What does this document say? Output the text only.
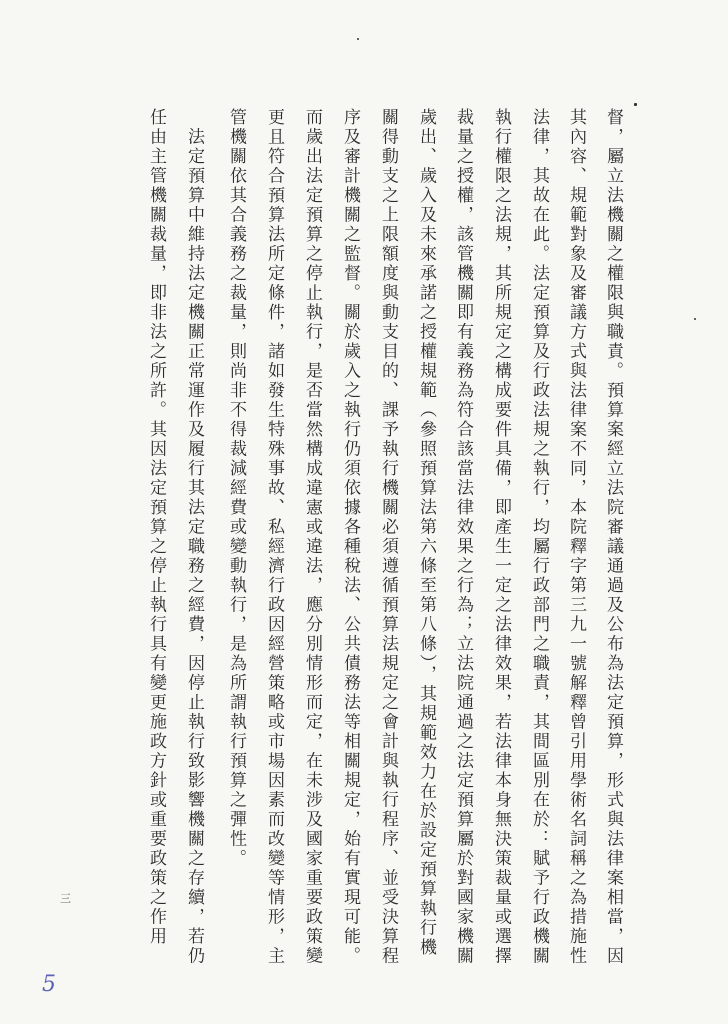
督，屬立法機關之權限與職責。預算案經立法院審議通過及公布為法定預算，形式與法律案相當，因
其內容、規範對象及審議方式與法律案不同，本院釋字第三九一號解釋曾引用學術名詞稱之為措施性
法律，其故在此。法定預算及行政法規之執行，均屬行政部門之職責，其間區別在於：賦予行政機關
執行權限之法規，其所規定之構成要件具備，即產生一定之法律效果，若法律本身無決策裁量或選擇
裁量之授權，該管機關即有義務為符合該當法律效果之行為；立法院通過之法定預算屬於對國家機關
歲出、歲入及未來承諾之授權規範（參照預算法第六條至第八條），其規範效力在於設定預算執行機
關得動支之上限額度與動支目的、課予執行機關必須遵循預算法規定之會計與執行程序、並受決算程
序及審計機關之監督。關於歲入之執行仍須依據各種稅法、公共債務法等相關規定，始有實現可能。
而歲出法定預算之停止執行，是否當然構成違憲或違法，應分別情形而定，在未涉及國家重要政策變
更且符合預算法所定條件，諸如發生特殊事故、私經濟行政因經營策略或市場因素而改變等情形，主
管機關依其合義務之裁量，則尚非不得裁減經費或變動執行，是為所謂執行預算之彈性。
　法定預算中維持法定機關正常運作及履行其法定職務之經費，因停止執行致影響機關之存續，若仍
任由主管機關裁量，即非法之所許。其因法定預算之停止執行具有變更施政方針或重要政策之作用
三
5
